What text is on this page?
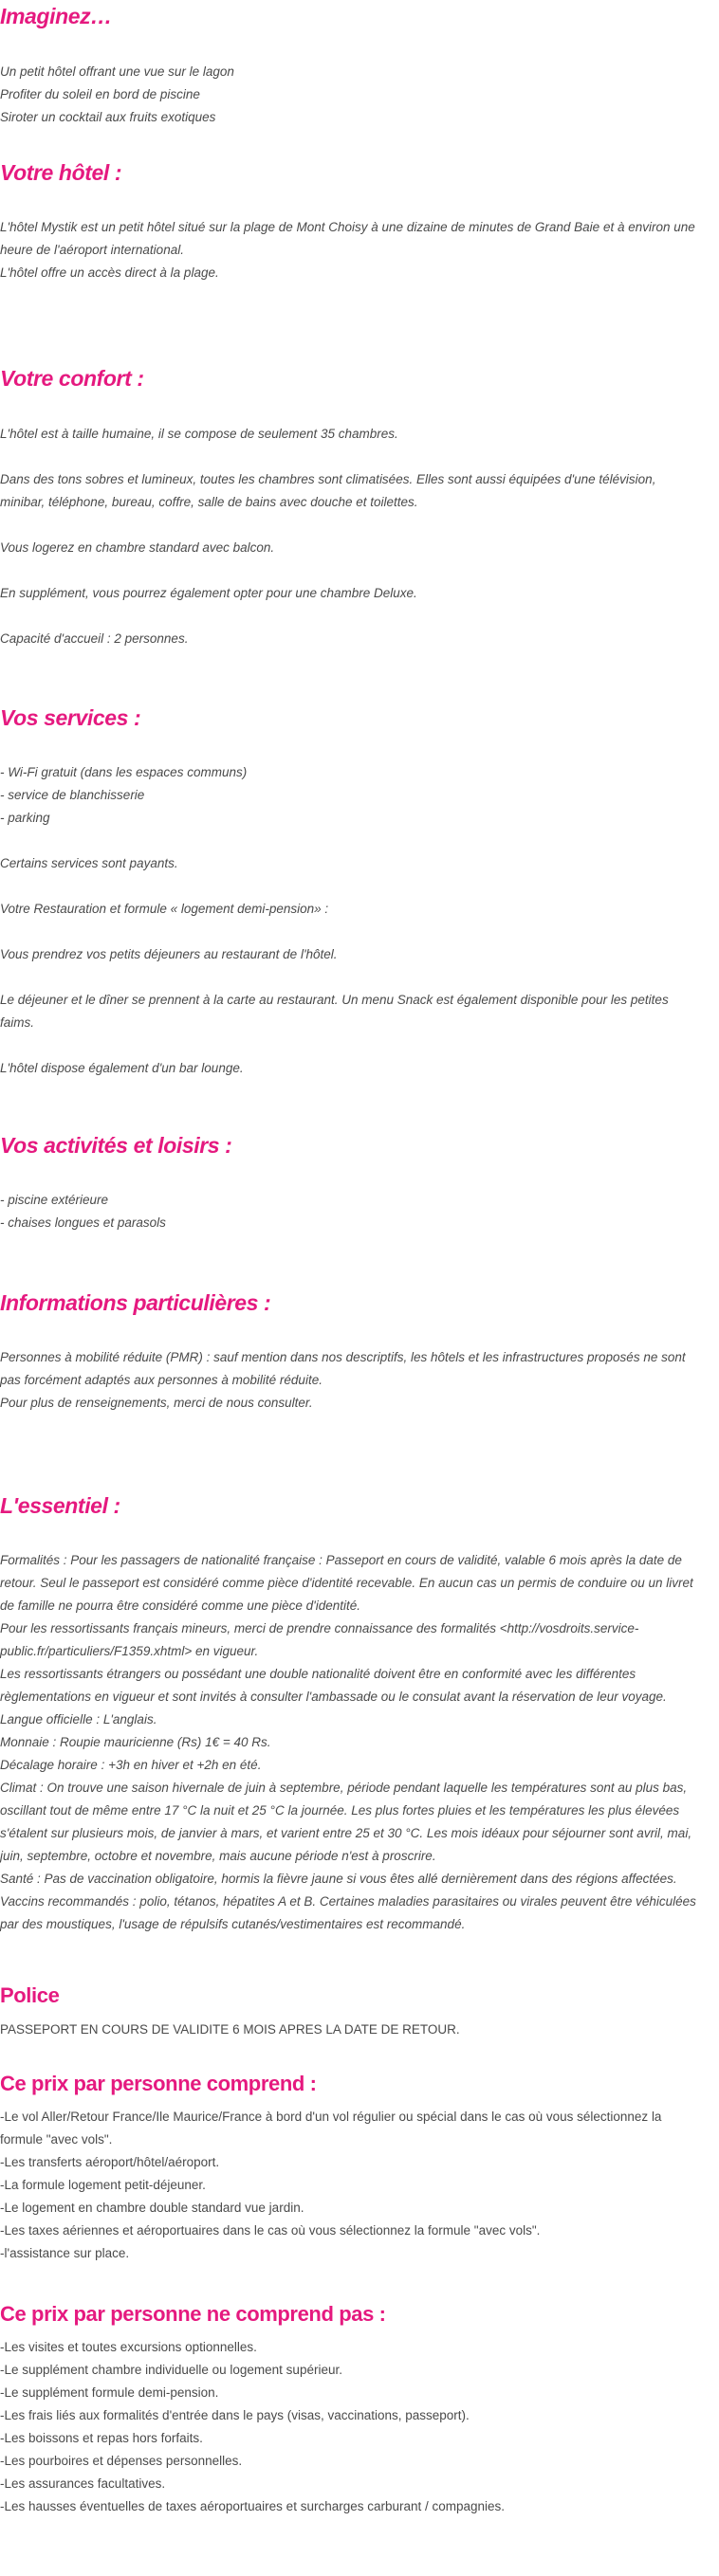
Imaginez…
Un petit hôtel offrant une vue sur le lagon
Profiter du soleil en bord de piscine
Siroter un cocktail aux fruits exotiques
Votre hôtel :
L'hôtel Mystik est un petit hôtel situé sur la plage de Mont Choisy à une dizaine de minutes de Grand Baie et à environ une heure de l'aéroport international.
L'hôtel offre un accès direct à la plage.
Votre confort :
L'hôtel est à taille humaine, il se compose de seulement 35 chambres.
Dans des tons sobres et lumineux, toutes les chambres sont climatisées. Elles sont aussi équipées d'une télévision, minibar, téléphone, bureau, coffre, salle de bains avec douche et toilettes.
Vous logerez en chambre standard avec balcon.
En supplément, vous pourrez également opter pour une chambre Deluxe.
Capacité d'accueil : 2 personnes.
Vos services :
- Wi-Fi gratuit (dans les espaces communs)
- service de blanchisserie
- parking
Certains services sont payants.
Votre Restauration et formule « logement demi-pension» :
Vous prendrez vos petits déjeuners au restaurant de l'hôtel.
Le déjeuner et le dîner se prennent à la carte au restaurant. Un menu Snack est également disponible pour les petites faims.
L'hôtel dispose également d'un bar lounge.
Vos activités et loisirs :
- piscine extérieure
- chaises longues et parasols
Informations particulières :
Personnes à mobilité réduite (PMR) : sauf mention dans nos descriptifs, les hôtels et les infrastructures proposés ne sont pas forcément adaptés aux personnes à mobilité réduite.
Pour plus de renseignements, merci de nous consulter.
L'essentiel :
Formalités : Pour les passagers de nationalité française : Passeport en cours de validité, valable 6 mois après la date de retour. Seul le passeport est considéré comme pièce d'identité recevable. En aucun cas un permis de conduire ou un livret de famille ne pourra être considéré comme une pièce d'identité.
Pour les ressortissants français mineurs, merci de prendre connaissance des formalités <http://vosdroits.service-public.fr/particuliers/F1359.xhtml> en vigueur.
Les ressortissants étrangers ou possédant une double nationalité doivent être en conformité avec les différentes règlementations en vigueur et sont invités à consulter l'ambassade ou le consulat avant la réservation de leur voyage.
Langue officielle : L'anglais.
Monnaie : Roupie mauricienne (Rs) 1€ = 40 Rs.
Décalage horaire : +3h en hiver et +2h en été.
Climat : On trouve une saison hivernale de juin à septembre, période pendant laquelle les températures sont au plus bas, oscillant tout de même entre 17 °C la nuit et 25 °C la journée. Les plus fortes pluies et les températures les plus élevées s'étalent sur plusieurs mois, de janvier à mars, et varient entre 25 et 30 °C. Les mois idéaux pour séjourner sont avril, mai, juin, septembre, octobre et novembre, mais aucune période n'est à proscrire.
Santé : Pas de vaccination obligatoire, hormis la fièvre jaune si vous êtes allé dernièrement dans des régions affectées. Vaccins recommandés : polio, tétanos, hépatites A et B. Certaines maladies parasitaires ou virales peuvent être véhiculées par des moustiques, l'usage de répulsifs cutanés/vestimentaires est recommandé.
Police
PASSEPORT EN COURS DE VALIDITE 6 MOIS APRES LA DATE DE RETOUR.
Ce prix par personne comprend :
-Le vol Aller/Retour France/Ile Maurice/France à bord d'un vol régulier ou spécial dans le cas où vous sélectionnez la formule "avec vols".
-Les transferts aéroport/hôtel/aéroport.
-La formule logement petit-déjeuner.
-Le logement en chambre double standard vue jardin.
-Les taxes aériennes et aéroportuaires dans le cas où vous sélectionnez la formule "avec vols".
-l'assistance sur place.
Ce prix par personne ne comprend pas :
-Les visites et toutes excursions optionnelles.
-Le supplément chambre individuelle ou logement supérieur.
-Le supplément formule demi-pension.
-Les frais liés aux formalités d'entrée dans le pays (visas, vaccinations, passeport).
-Les boissons et repas hors forfaits.
-Les pourboires et dépenses personnelles.
-Les assurances facultatives.
-Les hausses éventuelles de taxes aéroportuaires et surcharges carburant / compagnies.
